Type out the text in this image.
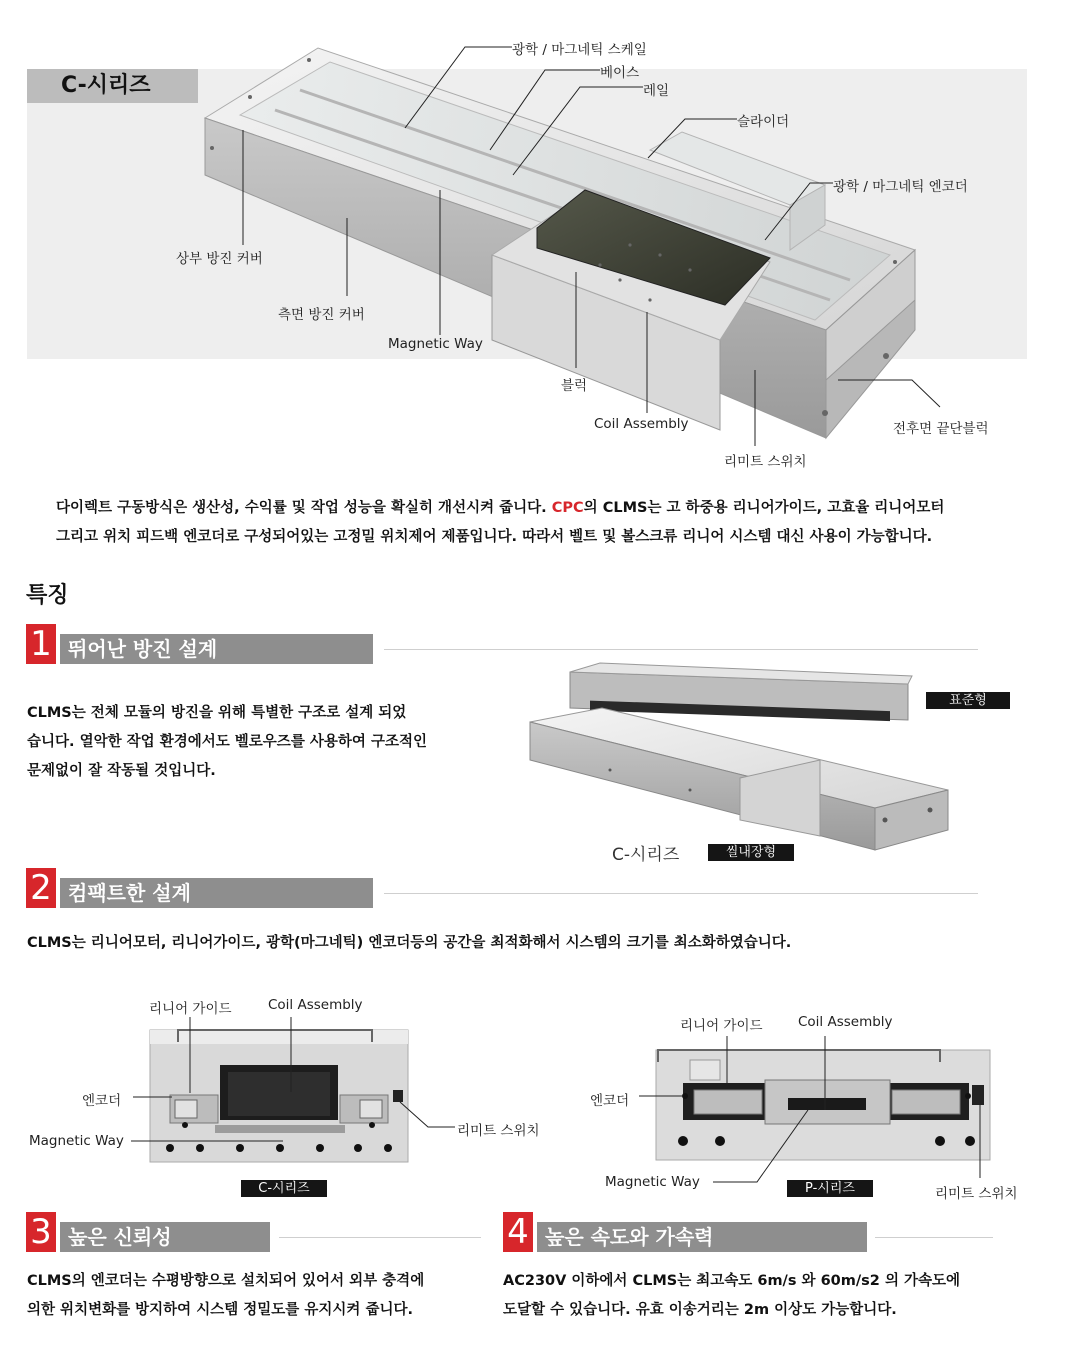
C-시리즈
광학 / 마그네틱 스케일
베이스
레일
슬라이더
광학 / 마그네틱 엔코더
상부 방진 커버
측면 방진 커버
Magnetic Way
블럭
Coil Assembly
리미트 스위치
전후면 끝단블럭
다이렉트 구동방식은 생산성, 수익률 및 작업 성능을 확실히 개선시켜 줍니다. CPC의 CLMS는 고 하중용 리니어가이드, 고효율 리니어모터
그리고 위치 피드백 엔코더로 구성되어있는 고정밀 위치제어 제품입니다. 따라서 벨트 및 볼스크류 리니어 시스템 대신 사용이 가능합니다.
특징
1 뛰어난 방진 설계
CLMS는 전체 모듈의 방진을 위해 특별한 구조로 설계 되었
습니다. 열악한 작업 환경에서도 벨로우즈를 사용하여 구조적인
문제없이 잘 작동될 것입니다.
표준형
C-시리즈	씰내장형
2 컴팩트한 설계
CLMS는 리니어모터, 리니어가이드, 광학(마그네틱) 엔코더등의 공간을 최적화해서 시스템의 크기를 최소화하였습니다.
리니어 가이드	Coil Assembly
엔코더
Magnetic Way
리미트 스위치
C-시리즈
리니어 가이드	Coil Assembly
엔코더
Magnetic Way
리미트 스위치
P-시리즈
3 높은 신뢰성
CLMS의 엔코더는 수평방향으로 설치되어 있어서 외부 충격에
의한 위치변화를 방지하여 시스템 정밀도를 유지시켜 줍니다.
4 높은 속도와 가속력
AC230V 이하에서 CLMS는 최고속도 6m/s 와 60m/s2 의 가속도에
도달할 수 있습니다. 유효 이송거리는 2m 이상도 가능합니다.
